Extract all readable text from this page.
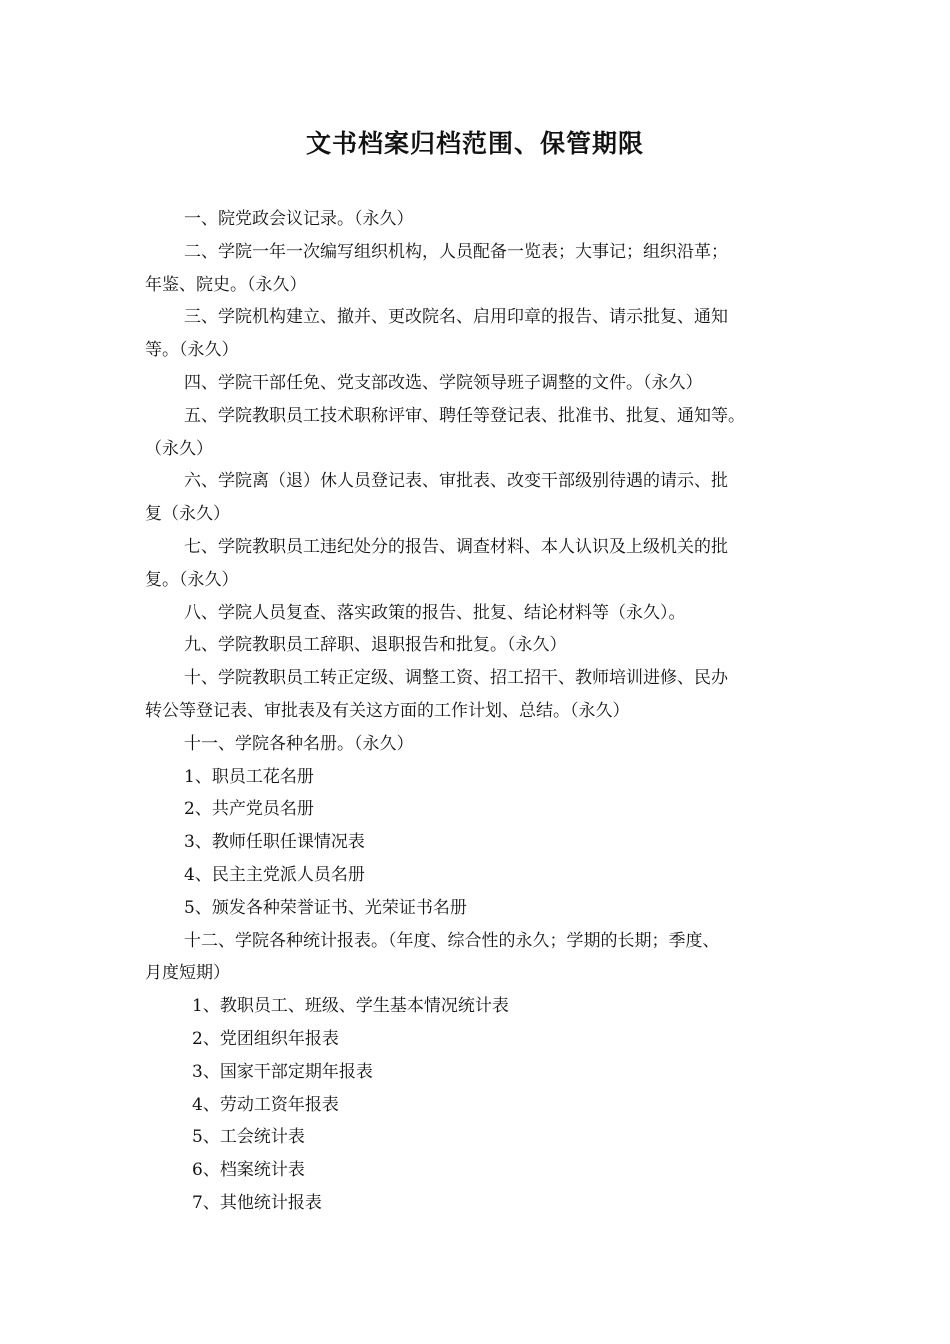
文书档案归档范围、保管期限
一、院党政会议记录。（永久）
二、学院一年一次编写组织机构，人员配备一览表；大事记；组织沿革；
年鉴、院史。（永久）
三、学院机构建立、撤并、更改院名、启用印章的报告、请示批复、通知
等。（永久）
四、学院干部任免、党支部改选、学院领导班子调整的文件。（永久）
五、学院教职员工技术职称评审、聘任等登记表、批准书、批复、通知等。
（永久）
六、学院离（退）休人员登记表、审批表、改变干部级别待遇的请示、批
复（永久）
七、学院教职员工违纪处分的报告、调查材料、本人认识及上级机关的批
复。（永久）
八、学院人员复查、落实政策的报告、批复、结论材料等（永久）。
九、学院教职员工辞职、退职报告和批复。（永久）
十、学院教职员工转正定级、调整工资、招工招干、教师培训进修、民办
转公等登记表、审批表及有关这方面的工作计划、总结。（永久）
十一、学院各种名册。（永久）
1、职员工花名册
2、共产党员名册
3、教师任职任课情况表
4、民主主党派人员名册
5、颁发各种荣誉证书、光荣证书名册
十二、学院各种统计报表。（年度、综合性的永久；学期的长期；季度、
月度短期）
1、教职员工、班级、学生基本情况统计表
2、党团组织年报表
3、国家干部定期年报表
4、劳动工资年报表
5、工会统计表
6、档案统计表
7、其他统计报表
